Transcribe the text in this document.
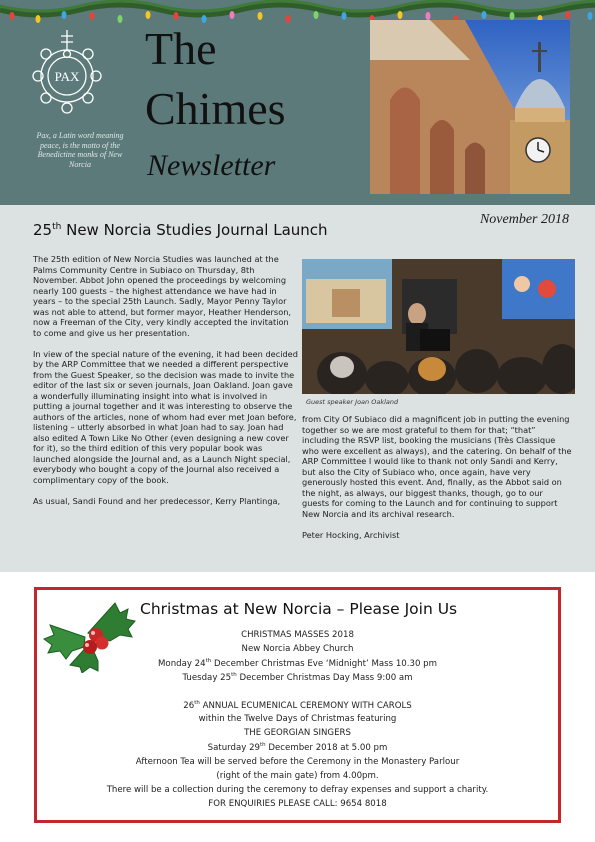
PAX
Pax, a Latin word meaning peace, is the motto of the Benedictine monks of New Norcia
The
Chimes
Newsletter
November 2018
25th New Norcia Studies Journal Launch

The 25th edition of New Norcia Studies was launched at the Palms Community Centre in Subiaco on Thursday, 8th November. Abbot John opened the proceedings by welcoming nearly 100 guests – the highest attendance we have had in years – to the special 25th Launch. Sadly, Mayor Penny Taylor was not able to attend, but former mayor, Heather Henderson, now a Freeman of the City, very kindly accepted the invitation to come and give us her presentation.

In view of the special nature of the evening, it had been decided by the ARP Committee that we needed a different perspective from the Guest Speaker, so the decision was made to invite the editor of the last six or seven journals, Joan Oakland. Joan gave a wonderfully illuminating insight into what is involved in putting a journal together and it was interesting to observe the authors of the articles, none of whom had ever met Joan before, listening – utterly absorbed in what Joan had to say. Joan had also edited A Town Like No Other (even designing a new cover for it), so the third edition of this very popular book was launched alongside the Journal and, as a Launch Night special, everybody who bought a copy of the Journal also received a complimentary copy of the book.

As usual, Sandi Found and her predecessor, Kerry Plantinga,

Guest speaker Joan Oakland

from City Of Subiaco did a magnificent job in putting the evening together so we are most grateful to them for that; “that” including the RSVP list, booking the musicians (Très Classique who were excellent as always), and the catering. On behalf of the ARP Committee I would like to thank not only Sandi and Kerry, but also the City of Subiaco who, once again, have very generously hosted this event. And, finally, as the Abbot said on the night, as always, our biggest thanks, though, go to our guests for coming to the Launch and for continuing to support New Norcia and its archival research.

Peter Hocking, Archivist

Christmas at New Norcia – Please Join Us
CHRISTMAS MASSES 2018
New Norcia Abbey Church
Monday 24th December Christmas Eve ‘Midnight’ Mass 10.30 pm
Tuesday 25th December Christmas Day Mass 9:00 am
26th ANNUAL ECUMENICAL CEREMONY WITH CAROLS
within the Twelve Days of Christmas featuring
THE GEORGIAN SINGERS
Saturday 29th December 2018 at 5.00 pm
Afternoon Tea will be served before the Ceremony in the Monastery Parlour
(right of the main gate) from 4.00pm.
There will be a collection during the ceremony to defray expenses and support a charity.
FOR ENQUIRIES PLEASE CALL: 9654 8018
